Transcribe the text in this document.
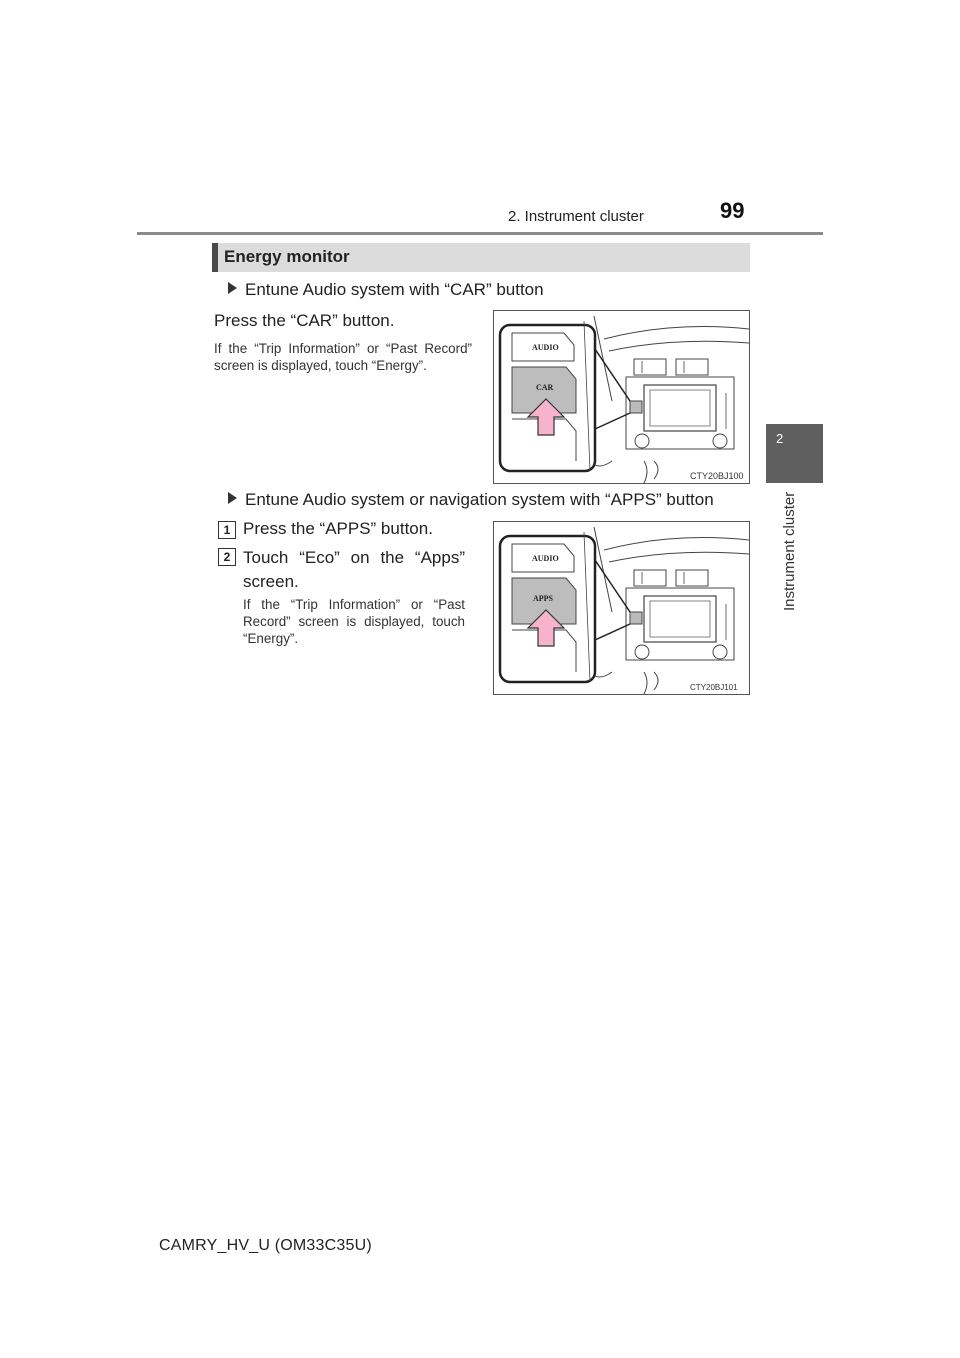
2. Instrument cluster	99
2
Instrument cluster
Energy monitor
Entune Audio system with “CAR” button
Press the “CAR” button.
If the “Trip Information” or “Past Record” screen is displayed, touch “Energy”.
AUDIO
CAR
CTY20BJ100
Entune Audio system or navigation system with “APPS” button
1 Press the “APPS” button.
2 Touch “Eco” on the “Apps” screen.
If the “Trip Information” or “Past Record” screen is displayed, touch “Energy”.
AUDIO
APPS
CTY20BJ101
CAMRY_HV_U (OM33C35U)
